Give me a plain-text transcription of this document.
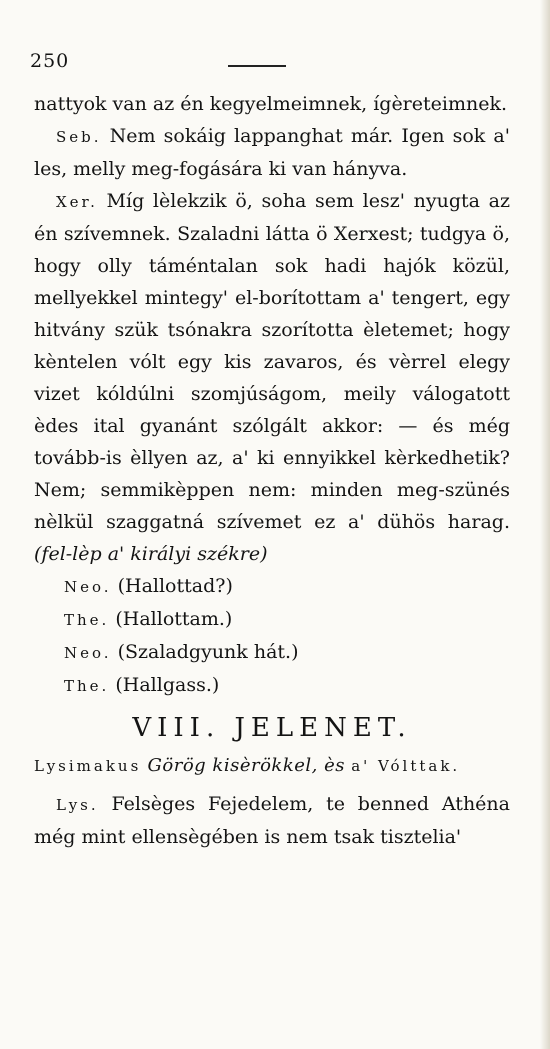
250

nattyok van az én kegyelmeimnek, ígèreteimnek.

Seb. Nem sokáig lappanghat már. Igen sok a' les, melly meg-fogására ki van hányva.

Xer. Míg lèlekzik ö, soha sem lesz' nyugta az én szívemnek. Szaladni látta ö Xerxest; tudgya ö, hogy olly táméntalan sok hadi hajók közül, mellyekkel mintegy' el-borítottam a' tengert, egy hitvány szük tsónakra szorította èletemet; hogy kèntelen vólt egy kis zavaros, és vèrrel elegy vizet kóldúlni szomjúságom, meily válogatott èdes ital gyanánt szólgált akkor: — és még tovább-is èllyen az, a' ki ennyikkel kèrkedhetik? Nem; semmikèppen nem: minden meg-szünés nèlkül szaggatná szívemet ez a' dühös harag. (fel-lèp a' királyi székre)

Neo. (Hallottad?)
The. (Hallottam.)
Neo. (Szaladgyunk hát.)
The. (Hallgass.)
VIII. JELENET.

Lysimakus Görög kisèrökkel, ès a' Vólttak.

Lys. Felsèges Fejedelem, te benned Athéna még mint ellensègében is nem tsak tisztelia'
